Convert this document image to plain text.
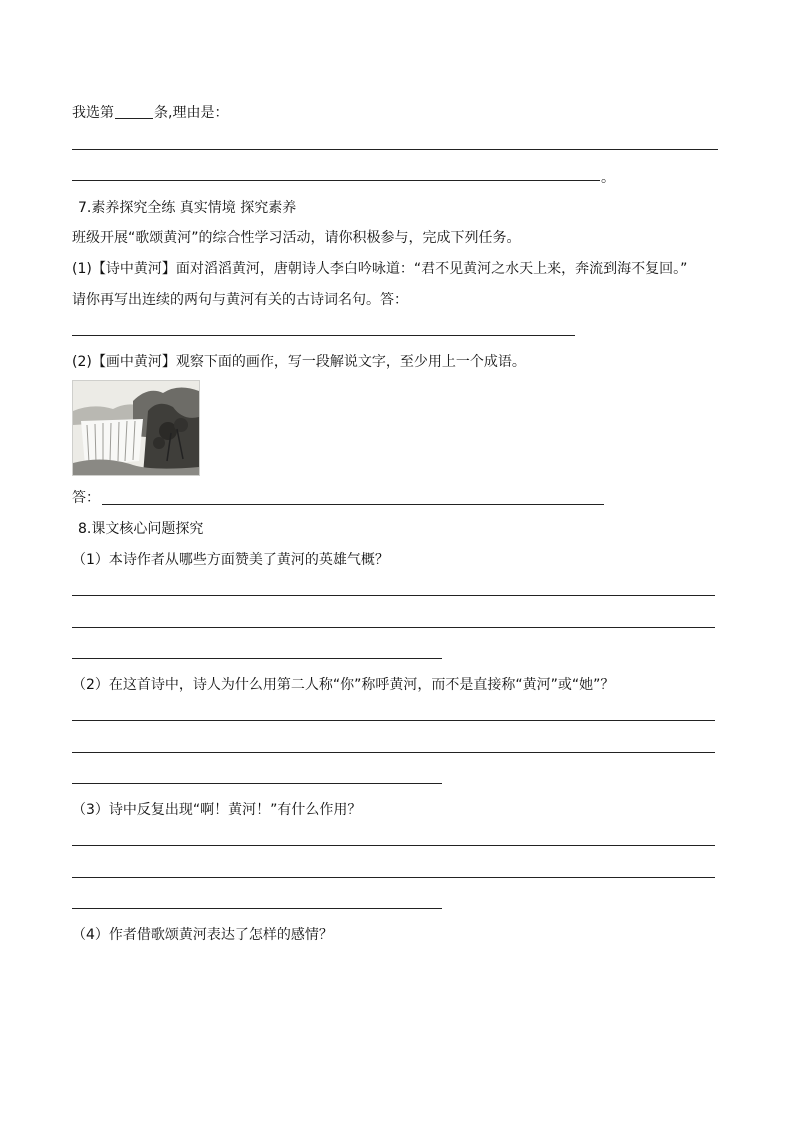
我选第	条,理由是：
。
7.素养探究全练 真实情境 探究素养
班级开展“歌颂黄河”的综合性学习活动，请你积极参与，完成下列任务。
(1)【诗中黄河】面对滔滔黄河，唐朝诗人李白吟咏道：“君不见黄河之水天上来，奔流到海不复回。”
请你再写出连续的两句与黄河有关的古诗词名句。答：
(2)【画中黄河】观察下面的画作，写一段解说文字，至少用上一个成语。
答：
8.课文核心问题探究
（1）本诗作者从哪些方面赞美了黄河的英雄气概？
（2）在这首诗中，诗人为什么用第二人称“你”称呼黄河，而不是直接称“黄河”或“她”？
（3）诗中反复出现“啊！黄河！”有什么作用？
（4）作者借歌颂黄河表达了怎样的感情？
